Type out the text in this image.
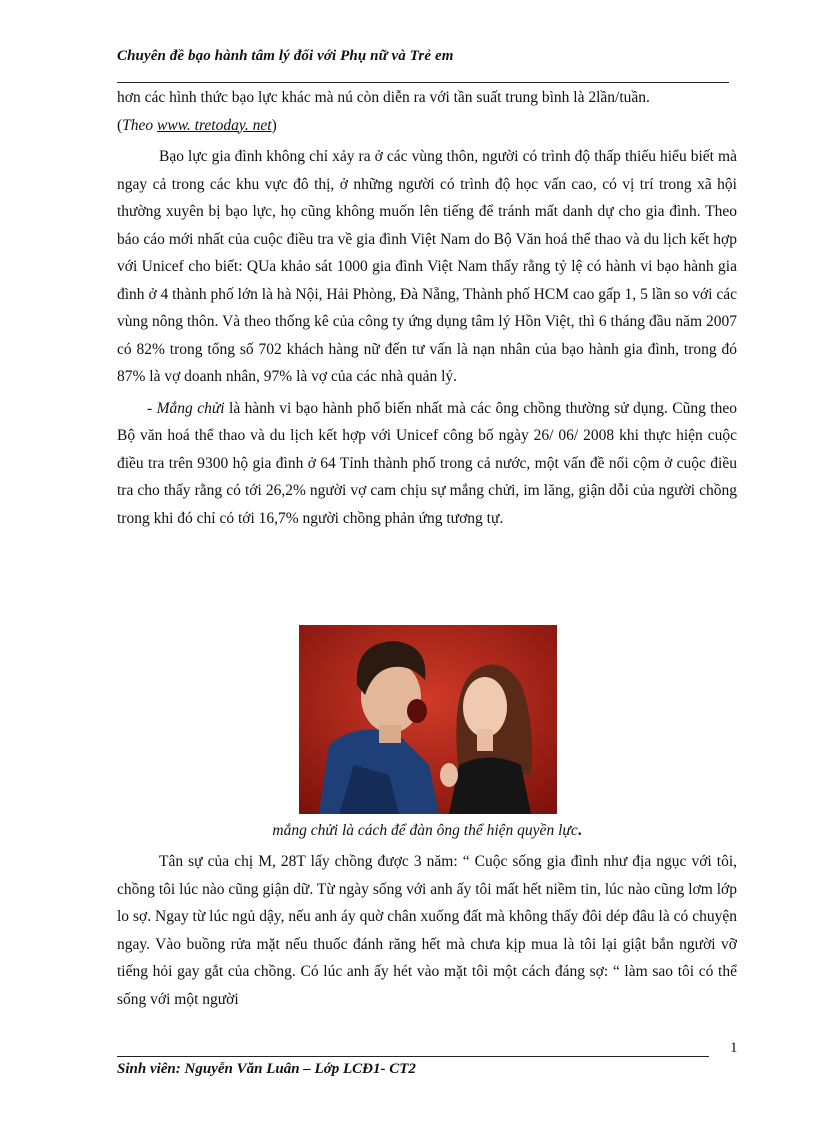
Chuyên đề bạo hành tâm lý đối với Phụ nữ và Trẻ em

hơn các hình thức bạo lực khác mà nú còn diễn ra với tần suất trung bình là 2lần/tuần.
(Theo www. tretoday. net)

Bạo lực gia đình không chỉ xảy ra ở các vùng thôn, người có trình độ thấp thiếu hiểu biết mà ngay cả trong các khu vực đô thị, ở những người có trình độ học vấn cao, có vị trí trong xã hội thường xuyên bị bạo lực, họ cũng không muốn lên tiếng để tránh mất danh dự cho gia đình. Theo báo cáo mới nhất của cuộc điều tra về gia đình Việt Nam do Bộ Văn hoá thể thao và du lịch kết hợp với Unicef cho biết: QUa khảo sát 1000 gia đình Việt Nam thấy rằng tỷ lệ có hành vi bạo hành gia đình ở 4 thành phố lớn là hà Nội, Hải Phòng, Đà Nẵng, Thành phố HCM cao gấp 1, 5 lần so với các vùng nông thôn. Và theo thống kê của công ty ứng dụng tâm lý Hồn Việt, thì 6 tháng đầu năm 2007 có 82% trong tổng số 702 khách hàng nữ đến tư vấn là nạn nhân của bạo hành gia đình, trong đó 87% là vợ doanh nhân, 97% là vợ của các nhà quản lý.

- Mắng chửi là hành vi bạo hành phổ biến nhất mà các ông chồng thường sử dụng. Cũng theo Bộ văn hoá thể thao và du lịch kết hợp với Unicef công bố ngày 26/ 06/ 2008 khi thực hiện cuộc điều tra trên 9300 hộ gia đình ở 64 Tỉnh thành phố trong cả nước, một vấn đề nổi cộm ở cuộc điều tra cho thấy rằng có tới 26,2% người vợ cam chịu sự mắng chửi, im lăng, giận dỗi của người chồng trong khi đó chỉ có tới 16,7% người chồng phản ứng tương tự.

mắng chửi là cách để đàn ông thể hiện quyền lực.

Tân sự của chị M, 28T lấy chồng được 3 năm: “ Cuộc sống gia đình như địa ngục với tôi, chồng tôi lúc nào cũng giận dữ. Từ ngày sống với anh ấy tôi mất hết niềm tin, lúc nào cũng lơm lớp lo sợ. Ngay từ lúc ngủ dậy, nếu anh áy quờ chân xuống đất mà không thấy đôi dép đâu là có chuyện ngay. Vào buồng rửa mặt nếu thuốc đánh răng hết mà chưa kịp mua là tôi lại giật bắn người vỡ tiếng hỏi gay gắt của chồng. Có lúc anh ấy hét vào mặt tôi một cách đáng sợ: “ làm sao tôi có thể sống với một người

1
Sinh viên: Nguyễn Văn Luân – Lớp LCĐ1- CT2
